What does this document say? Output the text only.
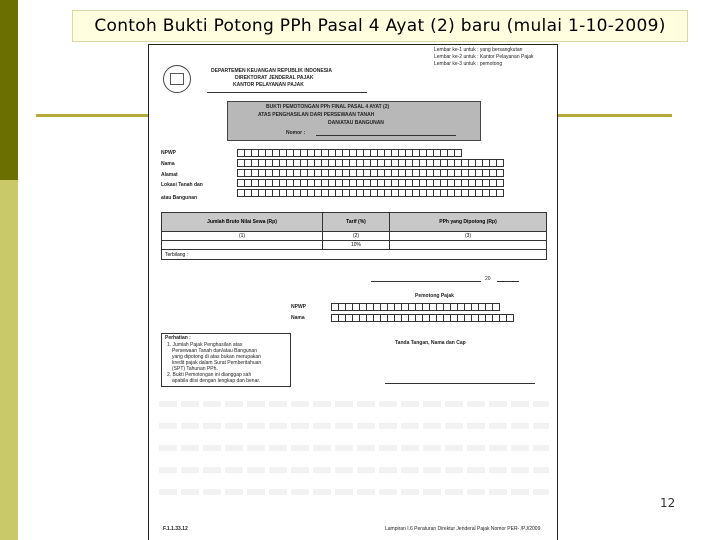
Contoh Bukti Potong PPh Pasal 4 Ayat (2) baru (mulai 1-10-2009)
Lembar ke-1 untuk : yang bersangkutan
Lembar ke-2 untuk : Kantor Pelayanan Pajak
Lembar ke-3 untuk : pemotong
DEPARTEMEN KEUANGAN REPUBLIK INDONESIA
DIREKTORAT JENDERAL PAJAK
KANTOR PELAYANAN PAJAK
BUKTI PEMOTONGAN PPh FINAL PASAL 4 AYAT (2)
ATAS PENGHASILAN DARI PERSEWAAN TANAH
DAN/ATAU BANGUNAN
Nomor :
NPWP
Nama
Alamat
Lokasi Tanah dan
atau Bangunan
Jumlah Bruto Nilai Sewa (Rp)	Tarif (%)	PPh yang Dipotong (Rp)
(1)	(2)	(3)
	10%	
Terbilang :		
20
Pemotong Pajak
NPWP
Nama
Perhatian :
1. Jumlah Pajak Penghasilan atas
Persewaan Tanah dan/atau Bangunan
yang dipotong di atas bukan merupakan
kredit pajak dalam Surat Pemberitahuan
(SPT) Tahunan PPh.
2. Bukti Pemotongan ini dianggap sah
apabila diisi dengan lengkap dan benar.
Tanda Tangan, Nama dan Cap
F.1.1.33.12	Lampiran I.6 Peraturan Direktur Jenderal Pajak Nomor PER- /PJ/2009
12
